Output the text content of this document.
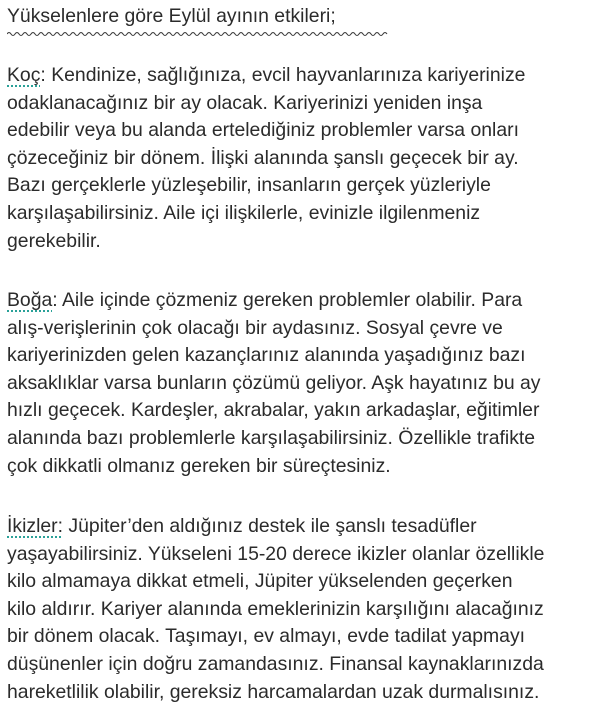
Yükselenlere göre Eylül ayının etkileri;
Koç: Kendinize, sağlığınıza, evcil hayvanlarınıza kariyerinize
odaklanacağınız bir ay olacak. Kariyerinizi yeniden inşa
edebilir veya bu alanda ertelediğiniz problemler varsa onları
çözeceğiniz bir dönem. İlişki alanında şanslı geçecek bir ay.
Bazı gerçeklerle yüzleşebilir, insanların gerçek yüzleriyle
karşılaşabilirsiniz. Aile içi ilişkilerle, evinizle ilgilenmeniz
gerekebilir.
Boğa: Aile içinde çözmeniz gereken problemler olabilir. Para
alış-verişlerinin çok olacağı bir aydasınız. Sosyal çevre ve
kariyerinizden gelen kazançlarınız alanında yaşadığınız bazı
aksaklıklar varsa bunların çözümü geliyor. Aşk hayatınız bu ay
hızlı geçecek. Kardeşler, akrabalar, yakın arkadaşlar, eğitimler
alanında bazı problemlerle karşılaşabilirsiniz. Özellikle trafikte
çok dikkatli olmanız gereken bir süreçtesiniz.
İkizler: Jüpiter’den aldığınız destek ile şanslı tesadüfler
yaşayabilirsiniz. Yükseleni 15-20 derece ikizler olanlar özellikle
kilo almamaya dikkat etmeli, Jüpiter yükselenden geçerken
kilo aldırır. Kariyer alanında emeklerinizin karşılığını alacağınız
bir dönem olacak. Taşımayı, ev almayı, evde tadilat yapmayı
düşünenler için doğru zamandasınız. Finansal kaynaklarınızda
hareketlilik olabilir, gereksiz harcamalardan uzak durmalısınız.
